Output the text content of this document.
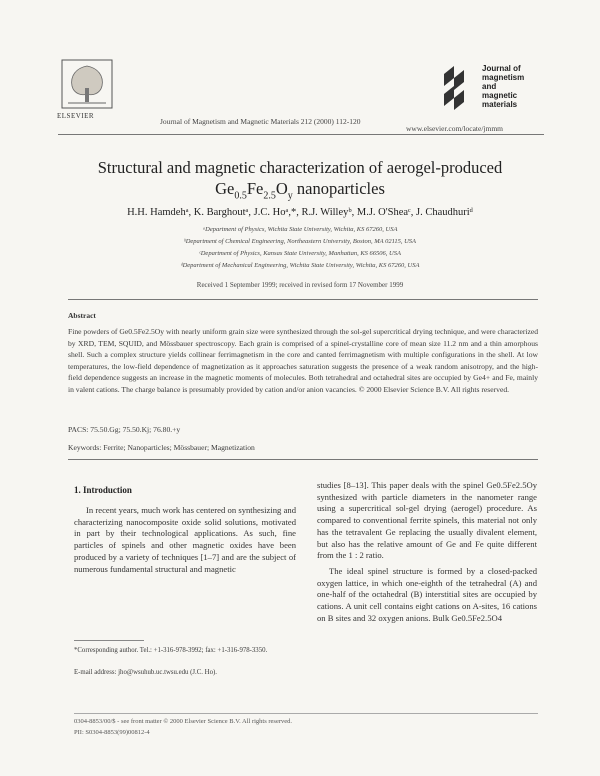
ELSEVIER
Journal of Magnetism and Magnetic Materials 212 (2000) 112-120
Journal of
magnetism
and
magnetic
materials
www.elsevier.com/locate/jmmm
Structural and magnetic characterization of aerogel-produced
$Ge_{0.5}Fe_{2.5}O_y$ nanoparticles
H.H. Hamdehᵃ, K. Barghoutᵃ, J.C. Hoᵃ,*, R.J. Willeyᵇ, M.J. O'Sheaᶜ, J. Chaudhuriᵈ
ᵃDepartment of Physics, Wichita State University, Wichita, KS 67260, USA
ᵇDepartment of Chemical Engineering, Northeastern University, Boston, MA 02115, USA
ᶜDepartment of Physics, Kansas State University, Manhattan, KS 66506, USA
ᵈDepartment of Mechanical Engineering, Wichita State University, Wichita, KS 67260, USA
Received 1 September 1999; received in revised form 17 November 1999
Abstract
Fine powders of Ge0.5Fe2.5Oy with nearly uniform grain size were synthesized through the sol-gel supercritical drying technique, and were characterized by XRD, TEM, SQUID, and Mössbauer spectroscopy. Each grain is comprised of a spinel-crystalline core of mean size 11.2 nm and a thin amorphous shell. Such a complex structure yields collinear ferrimagnetism in the core and canted ferrimagnetism with multiple configurations in the shell. At low temperatures, the low-field dependence of magnetization as it approaches saturation suggests the presence of a weak random anisotropy, and the high-field dependence suggests an increase in the magnetic moments of molecules. Both tetrahedral and octahedral sites are occupied by Ge4+ and Fe, mainly in valent cations. The charge balance is presumably provided by cation and/or anion vacancies. © 2000 Elsevier Science B.V. All rights reserved.
PACS: 75.50.Gg; 75.50.Kj; 76.80.+y
Keywords: Ferrite; Nanoparticles; Mössbauer; Magnetization
1. Introduction

In recent years, much work has centered on synthesizing and characterizing nanocomposite oxide solid solutions, motivated in part by their technological applications. As such, fine particles of spinels and other magnetic oxides have been produced by a variety of techniques [1–7] and are the subject of numerous fundamental structural and magnetic

studies [8–13]. This paper deals with the spinel Ge0.5Fe2.5Oy synthesized with particle diameters in the nanometer range using a supercritical sol-gel drying (aerogel) procedure. As compared to conventional ferrite spinels, this material not only has the tetravalent Ge replacing the usually divalent element, but also has the relative amount of Ge and Fe quite different from the 1 : 2 ratio.

The ideal spinel structure is formed by a closed-packed oxygen lattice, in which one-eighth of the tetrahedral (A) and one-half of the octahedral (B) interstitial sites are occupied by cations. A unit cell contains eight cations on A-sites, 16 cations on B sites and 32 oxygen anions. Bulk Ge0.5Fe2.5O4

*Corresponding author. Tel.: +1-316-978-3992; fax: +1-316-978-3350.
E-mail address: jho@wsuhub.uc.twsu.edu (J.C. Ho).
0304-8853/00/$ - see front matter © 2000 Elsevier Science B.V. All rights reserved.
PII: S0304-8853(99)00812-4
